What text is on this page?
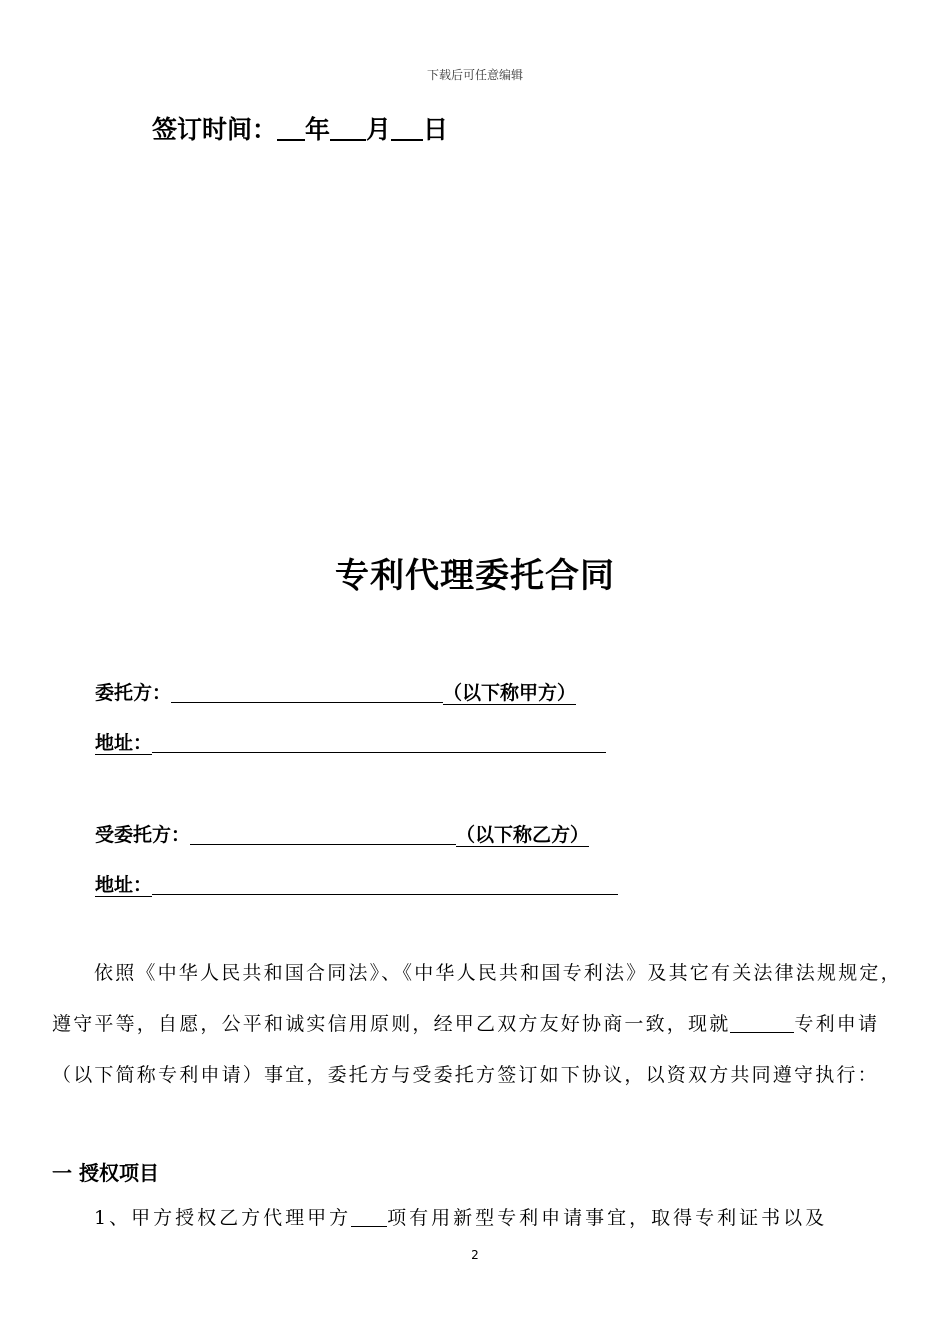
下载后可任意编辑
签订时间： 年 月 日
专利代理委托合同
委托方：	（以下称甲方）
地址：
受委托方：	（以下称乙方）
地址：
依照《中华人民共和国合同法》、《中华人民共和国专利法》及其它有关法律法规规定，遵守平等，自愿，公平和诚实信用原则，经甲乙双方友好协商一致，现就	专利申请（以下简称专利申请）事宜，委托方与受委托方签订如下协议，以资双方共同遵守执行：
一 授权项目
1、甲方授权乙方代理甲方 项有用新型专利申请事宜，取得专利证书以及
2
